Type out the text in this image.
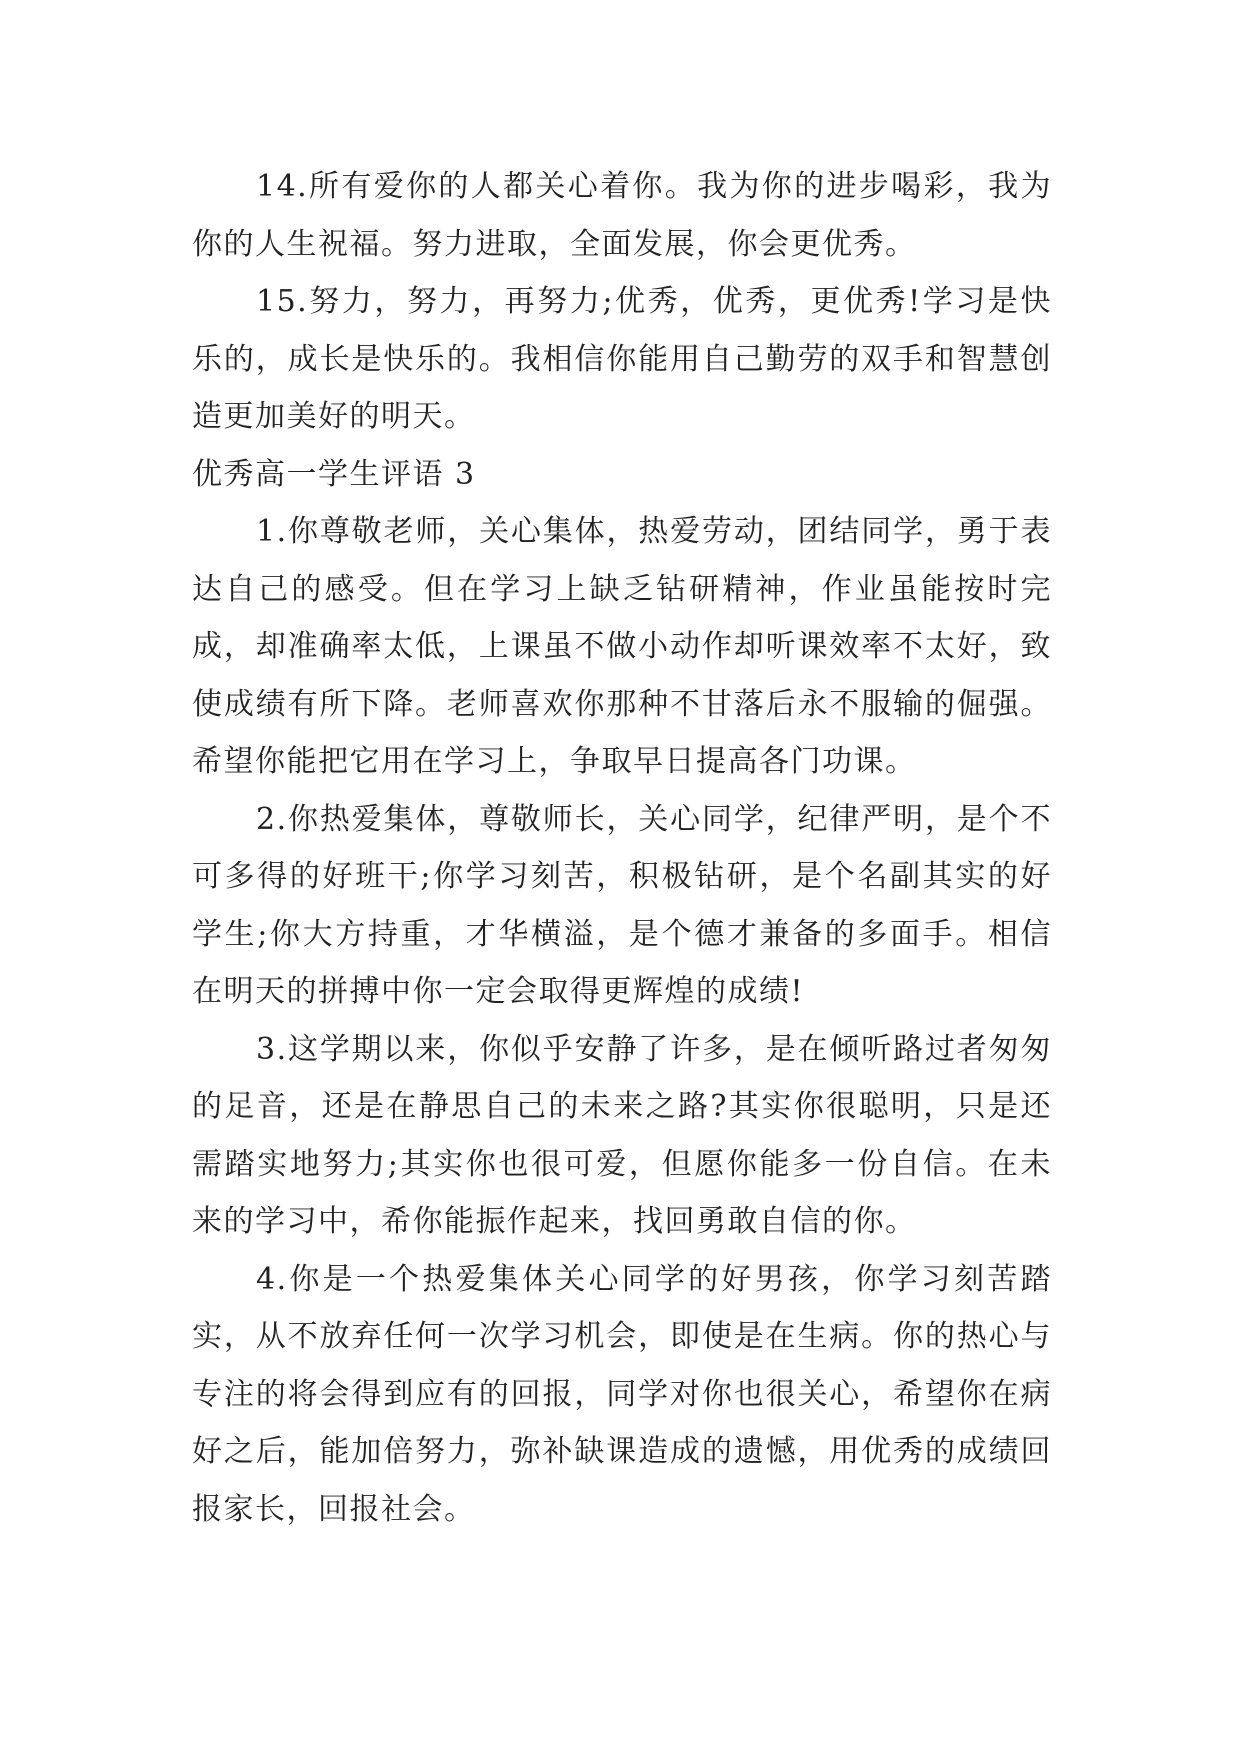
14.所有爱你的人都关心着你。我为你的进步喝彩，我为你的人生祝福。努力进取，全面发展，你会更优秀。

15.努力，努力，再努力;优秀，优秀，更优秀!学习是快乐的，成长是快乐的。我相信你能用自己勤劳的双手和智慧创造更加美好的明天。

优秀高一学生评语 3

1.你尊敬老师，关心集体，热爱劳动，团结同学，勇于表达自己的感受。但在学习上缺乏钻研精神，作业虽能按时完成，却准确率太低，上课虽不做小动作却听课效率不太好，致使成绩有所下降。老师喜欢你那种不甘落后永不服输的倔强。希望你能把它用在学习上，争取早日提高各门功课。

2.你热爱集体，尊敬师长，关心同学，纪律严明，是个不可多得的好班干;你学习刻苦，积极钻研，是个名副其实的好学生;你大方持重，才华横溢，是个德才兼备的多面手。相信在明天的拼搏中你一定会取得更辉煌的成绩!

3.这学期以来，你似乎安静了许多，是在倾听路过者匆匆的足音，还是在静思自己的未来之路?其实你很聪明，只是还需踏实地努力;其实你也很可爱，但愿你能多一份自信。在未来的学习中，希你能振作起来，找回勇敢自信的你。

4.你是一个热爱集体关心同学的好男孩，你学习刻苦踏实，从不放弃任何一次学习机会，即使是在生病。你的热心与专注的将会得到应有的回报，同学对你也很关心，希望你在病好之后，能加倍努力，弥补缺课造成的遗憾，用优秀的成绩回报家长，回报社会。
